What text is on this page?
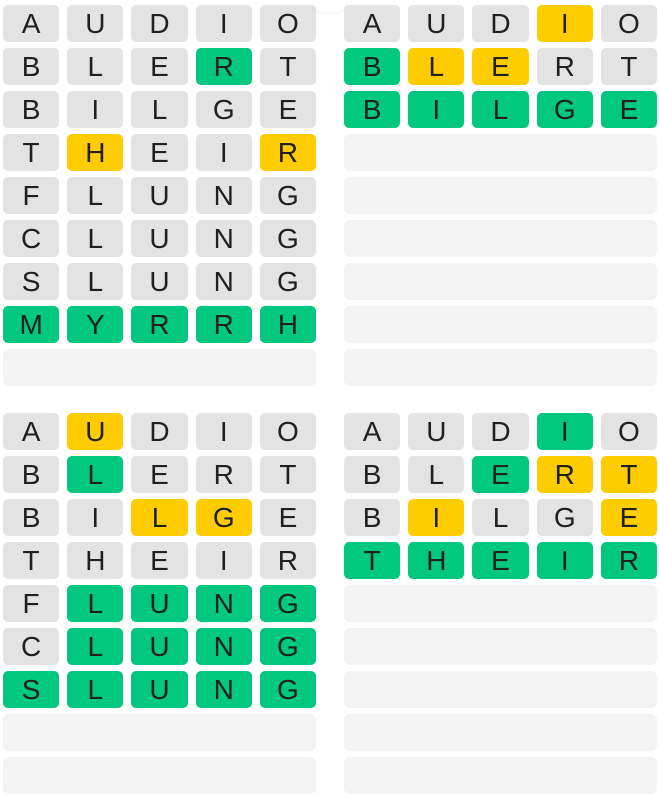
A	U	D	I	O
B	L	E	R	T
B	I	L	G	E
T	H	E	I	R
F	L	U	N	G
C	L	U	N	G
S	L	U	N	G
M	Y	R	R	H
A	U	D	I	O
B	L	E	R	T
B	I	L	G	E
A	U	D	I	O
B	L	E	R	T
B	I	L	G	E
T	H	E	I	R
F	L	U	N	G
C	L	U	N	G
S	L	U	N	G
A	U	D	I	O
B	L	E	R	T
B	I	L	G	E
T	H	E	I	R
